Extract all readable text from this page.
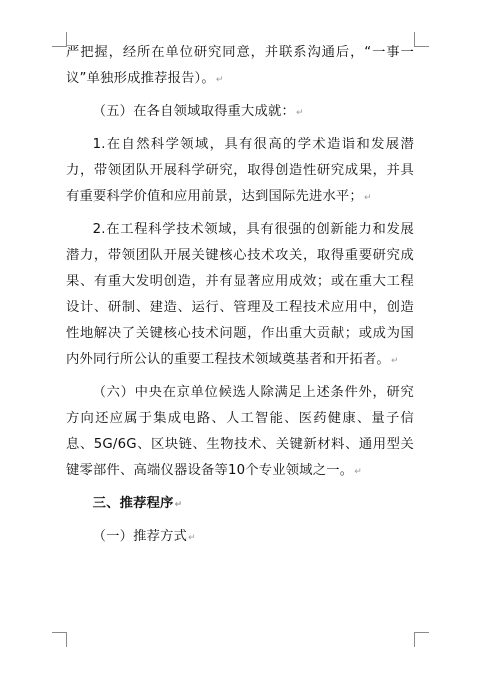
严把握，经所在单位研究同意，并联系沟通后，“一事一议”单独形成推荐报告）。↵

（五）在各自领域取得重大成就：↵

1.在自然科学领域，具有很高的学术造诣和发展潜力，带领团队开展科学研究，取得创造性研究成果，并具有重要科学价值和应用前景，达到国际先进水平；↵

2.在工程科学技术领域，具有很强的创新能力和发展潜力，带领团队开展关键核心技术攻关，取得重要研究成果、有重大发明创造，并有显著应用成效；或在重大工程设计、研制、建造、运行、管理及工程技术应用中，创造性地解决了关键核心技术问题，作出重大贡献；或成为国内外同行所公认的重要工程技术领域奠基者和开拓者。↵

（六）中央在京单位候选人除满足上述条件外，研究方向还应属于集成电路、人工智能、医药健康、量子信息、5G/6G、区块链、生物技术、关键新材料、通用型关键零部件、高端仪器设备等10个专业领域之一。↵

三、推荐程序↵

（一）推荐方式↵
